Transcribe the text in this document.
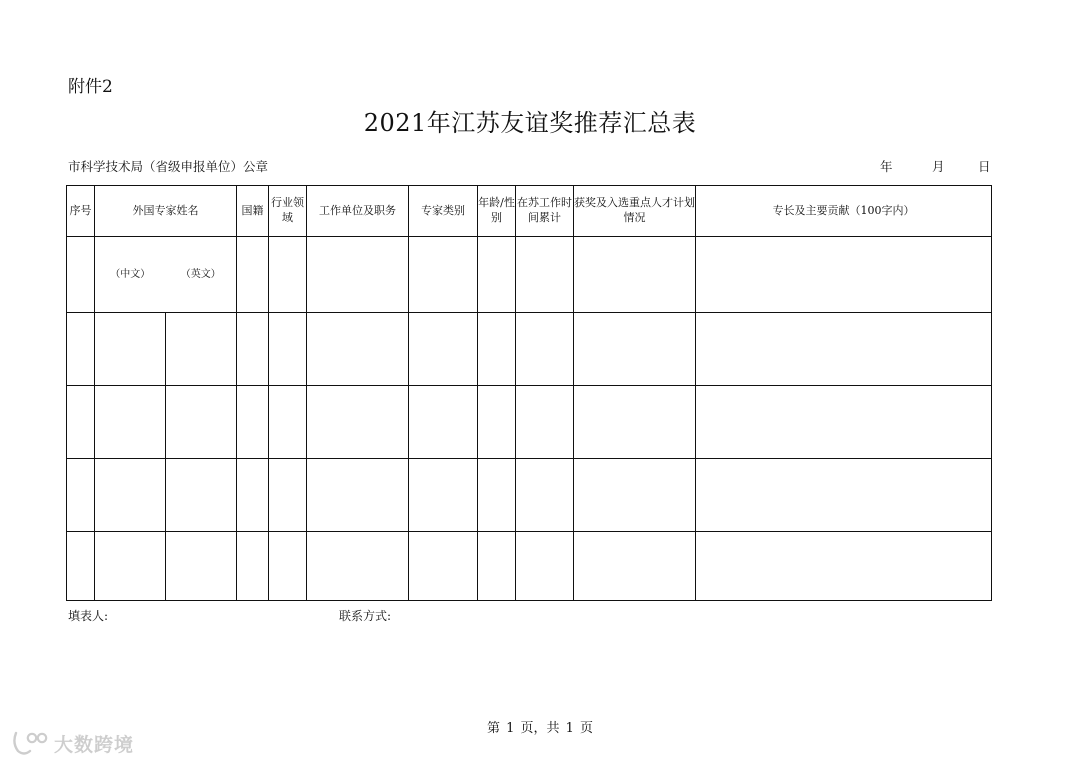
附件2
2021年江苏友谊奖推荐汇总表
市科学技术局（省级申报单位）公章	年	月	日
序号	外国专家姓名	国籍	行业领域	工作单位及职务	专家类别	年龄/性别	在苏工作时间累计	获奖及入选重点人才计划情况	专长及主要贡献（100字内）

	（中文） （英文）								

填表人:	联系方式:
第 1 页，共 1 页
大数跨境
